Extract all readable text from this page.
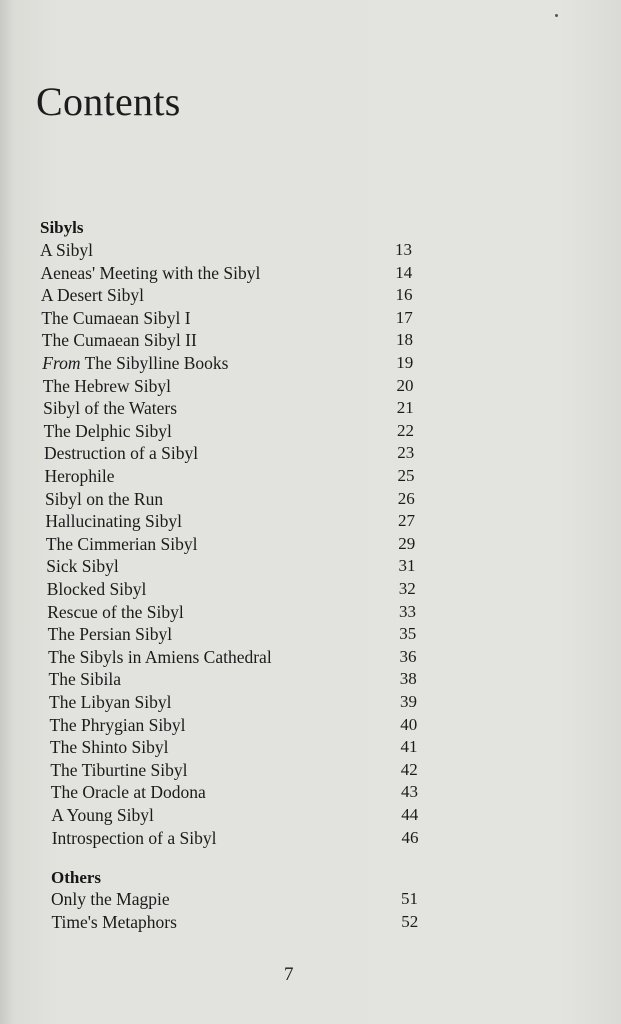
Contents
Sibyls
A Sibyl	13
Aeneas' Meeting with the Sibyl	14
A Desert Sibyl	16
The Cumaean Sibyl I	17
The Cumaean Sibyl II	18
From The Sibylline Books	19
The Hebrew Sibyl	20
Sibyl of the Waters	21
The Delphic Sibyl	22
Destruction of a Sibyl	23
Herophile	25
Sibyl on the Run	26
Hallucinating Sibyl	27
The Cimmerian Sibyl	29
Sick Sibyl	31
Blocked Sibyl	32
Rescue of the Sibyl	33
The Persian Sibyl	35
The Sibyls in Amiens Cathedral	36
The Sibila	38
The Libyan Sibyl	39
The Phrygian Sibyl	40
The Shinto Sibyl	41
The Tiburtine Sibyl	42
The Oracle at Dodona	43
A Young Sibyl	44
Introspection of a Sibyl	46
Others
Only the Magpie	51
Time's Metaphors	52
7
